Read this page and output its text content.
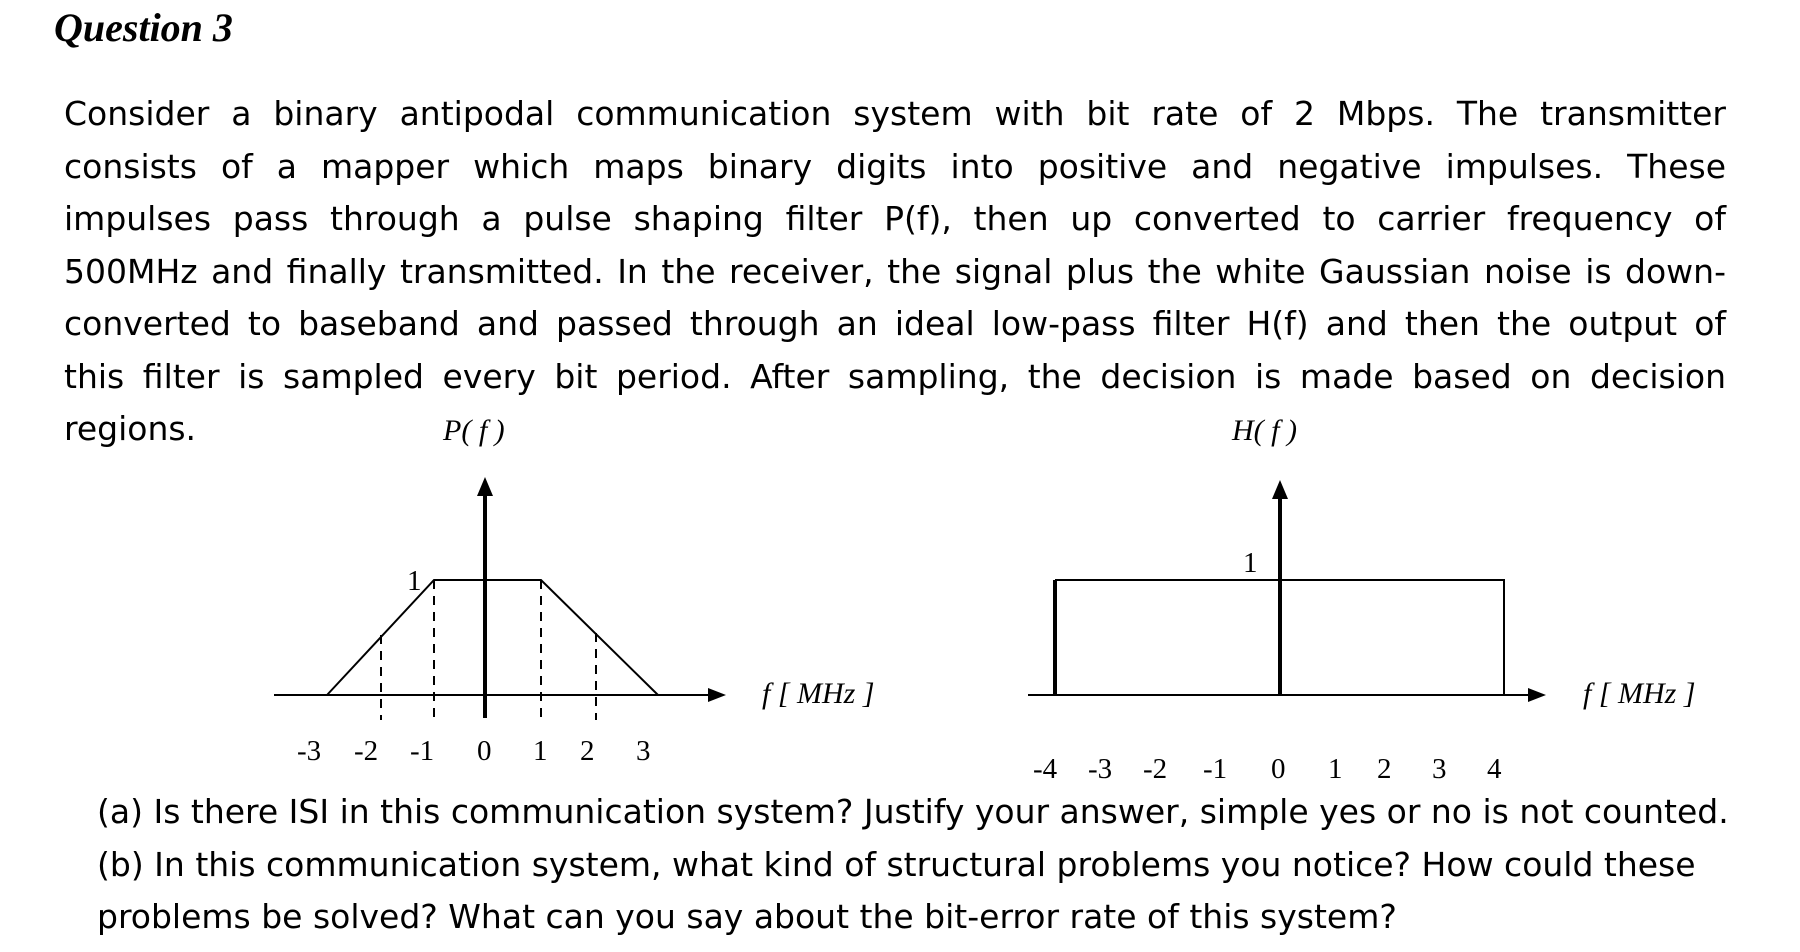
Question 3
Consider a binary antipodal communication system with bit rate of 2 Mbps. The transmitter
consists of a mapper which maps binary digits into positive and negative impulses. These
impulses pass through a pulse shaping filter P(f), then up converted to carrier frequency of
500MHz and finally transmitted. In the receiver, the signal plus the white Gaussian noise is down-
converted to baseband and passed through an ideal low-pass filter H(f) and then the output of
this filter is sampled every bit period. After sampling, the decision is made based on decision
regions.	P( f )
1
f [ MHz ]
-3 -2 -1 0 1 2 3
H( f )
1
f [ MHz ]
-4 -3 -2 -1 0 1 2 3 4
(a) Is there ISI in this communication system? Justify your answer, simple yes or no is not counted.
(b) In this communication system, what kind of structural problems you notice? How could these
problems be solved? What can you say about the bit-error rate of this system?
